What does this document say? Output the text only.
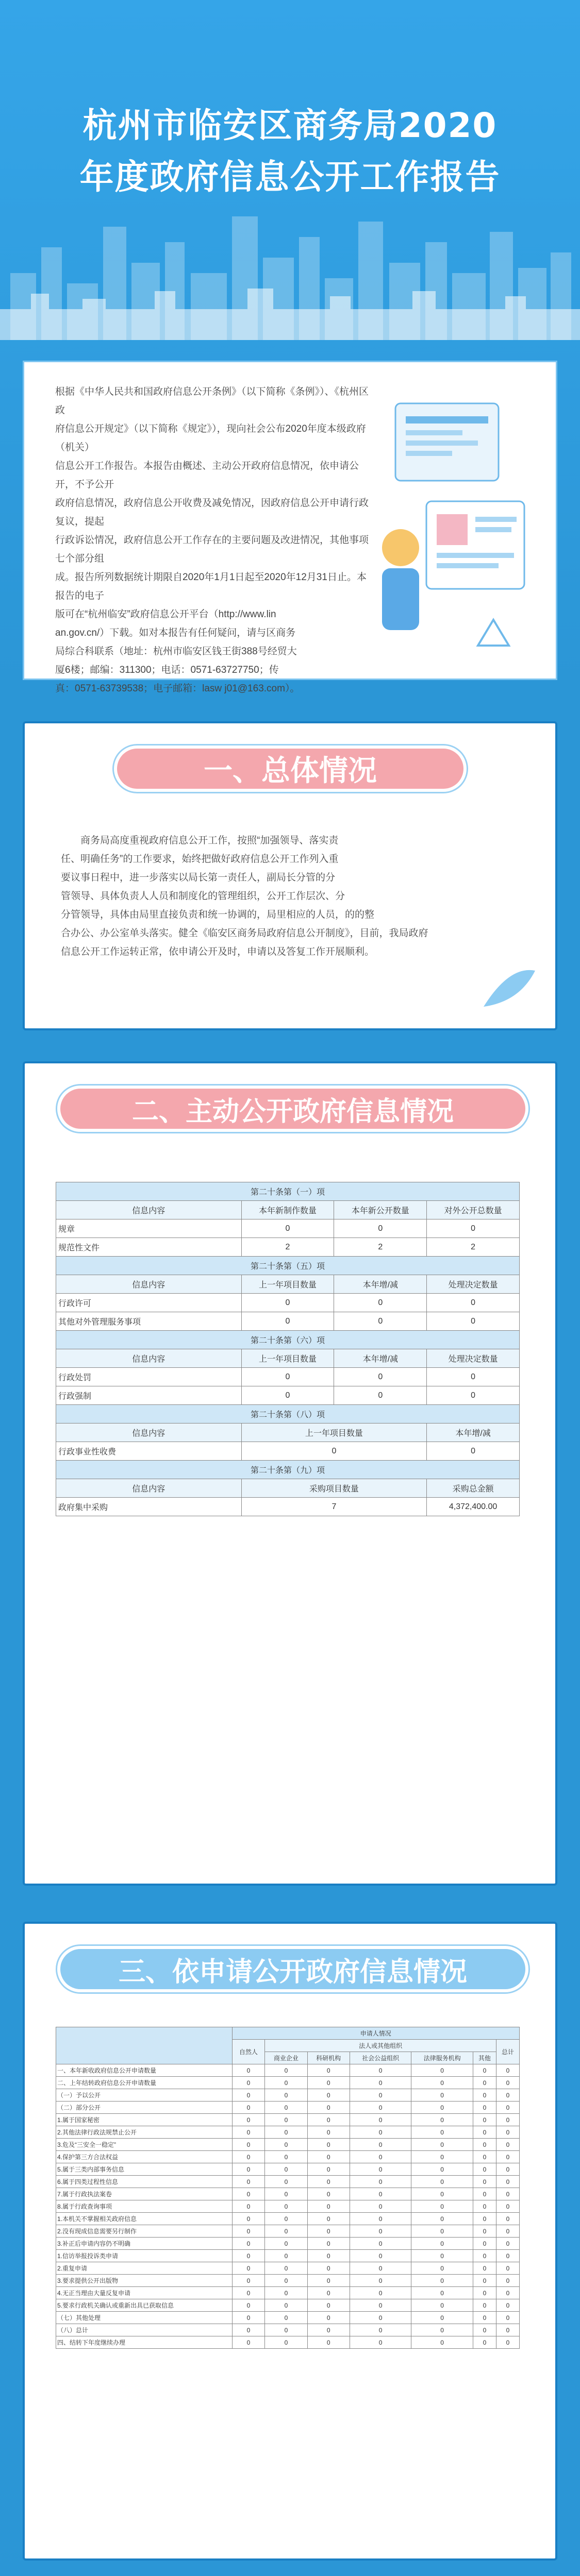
杭州市临安区商务局2020
年度政府信息公开工作报告
根据《中华人民共和国政府信息公开条例》（以下简称《条例》）、《杭州区政
府信息公开规定》（以下简称《规定》），现向社会公布2020年度本级政府（机关）
信息公开工作报告。本报告由概述、主动公开政府信息情况，依申请公开，不予公开
政府信息情况，政府信息公开收费及减免情况，因政府信息公开申请行政复议，提起
行政诉讼情况，政府信息公开工作存在的主要问题及改进情况，其他事项七个部分组
成。报告所列数据统计期限自2020年1月1日起至2020年12月31日止。本报告的电子
版可在“杭州临安”政府信息公开平台（http://www.lin
an.gov.cn/）下载。如对本报告有任何疑问，请与区商务
局综合科联系（地址：杭州市临安区钱王街388号经贸大
厦6楼；邮编：311300；电话：0571-63727750；传
真：0571-63739538；电子邮箱：lasw j01@163.com）。
一、总体情况
商务局高度重视政府信息公开工作，按照“加强领导、落实责
任、明确任务”的工作要求，始终把做好政府信息公开工作列入重
要议事日程中，进一步落实以局长第一责任人，副局长分管的分
管领导、具体负责人人员和制度化的管理组织，公开工作层次、分
分管领导，具体由局里直接负责和统一协调的，局里相应的人员，的的整
合办公、办公室单头落实。健全《临安区商务局政府信息公开制度》，目前，我局政府
信息公开工作运转正常，依申请公开及时，申请以及答复工作开展顺利。
二、主动公开政府信息情况
第二十条第（一）项			
信息内容	本年新制作数量	本年新公开数量	对外公开总数量
规章	0	0	0
规范性文件	2	2	2
第二十条第（五）项			
信息内容	上一年项目数量	本年增/减	处理决定数量
行政许可	0	0	0
其他对外管理服务事项	0	0	0
第二十条第（六）项			
信息内容	上一年项目数量	本年增/减	处理决定数量
行政处罚	0	0	0
行政强制	0	0	0
第二十条第（八）项			
信息内容	上一年项目数量		本年增/减
行政事业性收费	0		0
第二十条第（九）项			
信息内容	采购项目数量		采购总金额
政府集中采购	7		4,372,400.00
三、依申请公开政府信息情况
	申请人情况						
	自然人	法人或其他组织					总计
		商业企业	科研机构	社会公益组织	法律服务机构	其他	
一、本年新收政府信息公开申请数量	0	0	0	0	0	0	0
二、上年结转政府信息公开申请数量	0	0	0	0	0	0	0
（一）予以公开	0	0	0	0	0	0	0
（二）部分公开	0	0	0	0	0	0	0
1.属于国家秘密	0	0	0	0	0	0	0
2.其他法律行政法规禁止公开	0	0	0	0	0	0	0
3.危及“三安全一稳定”	0	0	0	0	0	0	0
4.保护第三方合法权益	0	0	0	0	0	0	0
5.属于三类内部事务信息	0	0	0	0	0	0	0
6.属于四类过程性信息	0	0	0	0	0	0	0
7.属于行政执法案卷	0	0	0	0	0	0	0
8.属于行政查询事项	0	0	0	0	0	0	0
1.本机关不掌握相关政府信息	0	0	0	0	0	0	0
2.没有现成信息需要另行制作	0	0	0	0	0	0	0
3.补正后申请内容仍不明确	0	0	0	0	0	0	0
1.信访举报投诉类申请	0	0	0	0	0	0	0
2.重复申请	0	0	0	0	0	0	0
3.要求提供公开出版物	0	0	0	0	0	0	0
4.无正当理由大量反复申请	0	0	0	0	0	0	0
5.要求行政机关确认或重新出具已获取信息	0	0	0	0	0	0	0
（七）其他处理	0	0	0	0	0	0	0
（八）总计	0	0	0	0	0	0	0
四、结转下年度继续办理	0	0	0	0	0	0	0
